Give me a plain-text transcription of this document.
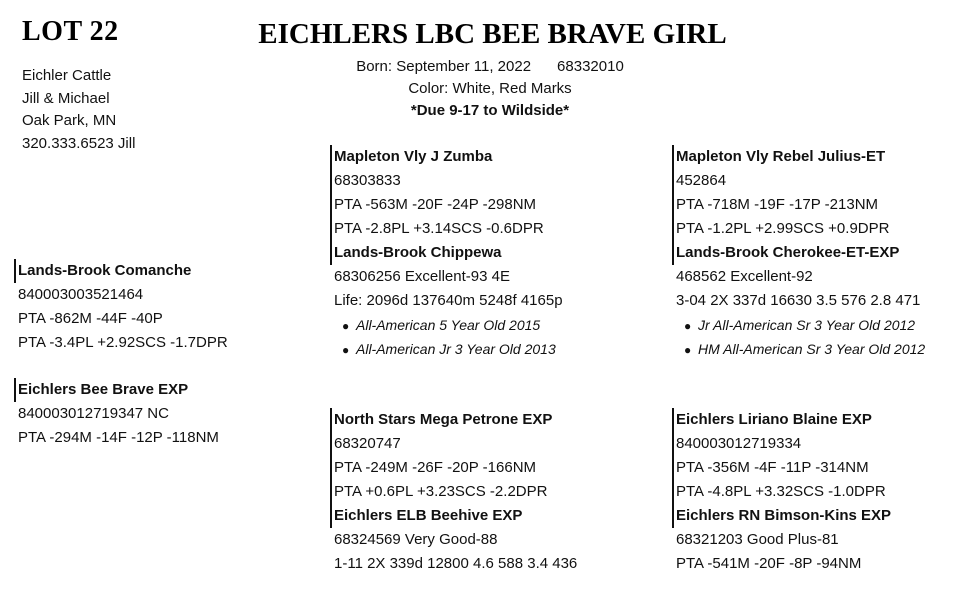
LOT 22	EICHLERS LBC BEE BRAVE GIRL
Eichler Cattle
Jill & Michael
Oak Park, MN
320.333.6523 Jill
Born: September 11, 2022 68332010
Color: White, Red Marks
*Due 9-17 to Wildside*
Lands-Brook Comanche
840003003521464
PTA -862M -44F -40P
PTA -3.4PL +2.92SCS -1.7DPR
Eichlers Bee Brave EXP
840003012719347 NC
PTA -294M -14F -12P -118NM
Mapleton Vly J Zumba
68303833
PTA -563M -20F -24P -298NM
PTA -2.8PL +3.14SCS -0.6DPR
Lands-Brook Chippewa
68306256 Excellent-93 4E
Life: 2096d 137640m 5248f 4165p
● All-American 5 Year Old 2015
● All-American Jr 3 Year Old 2013
Mapleton Vly Rebel Julius-ET
452864
PTA -718M -19F -17P -213NM
PTA -1.2PL +2.99SCS +0.9DPR
Lands-Brook Cherokee-ET-EXP
468562 Excellent-92
3-04 2X 337d 16630 3.5 576 2.8 471
● Jr All-American Sr 3 Year Old 2012
● HM All-American Sr 3 Year Old 2012
North Stars Mega Petrone EXP
68320747
PTA -249M -26F -20P -166NM
PTA +0.6PL +3.23SCS -2.2DPR
Eichlers ELB Beehive EXP
68324569 Very Good-88
1-11 2X 339d 12800 4.6 588 3.4 436
Eichlers Liriano Blaine EXP
840003012719334
PTA -356M -4F -11P -314NM
PTA -4.8PL +3.32SCS -1.0DPR
Eichlers RN Bimson-Kins EXP
68321203 Good Plus-81
PTA -541M -20F -8P -94NM
